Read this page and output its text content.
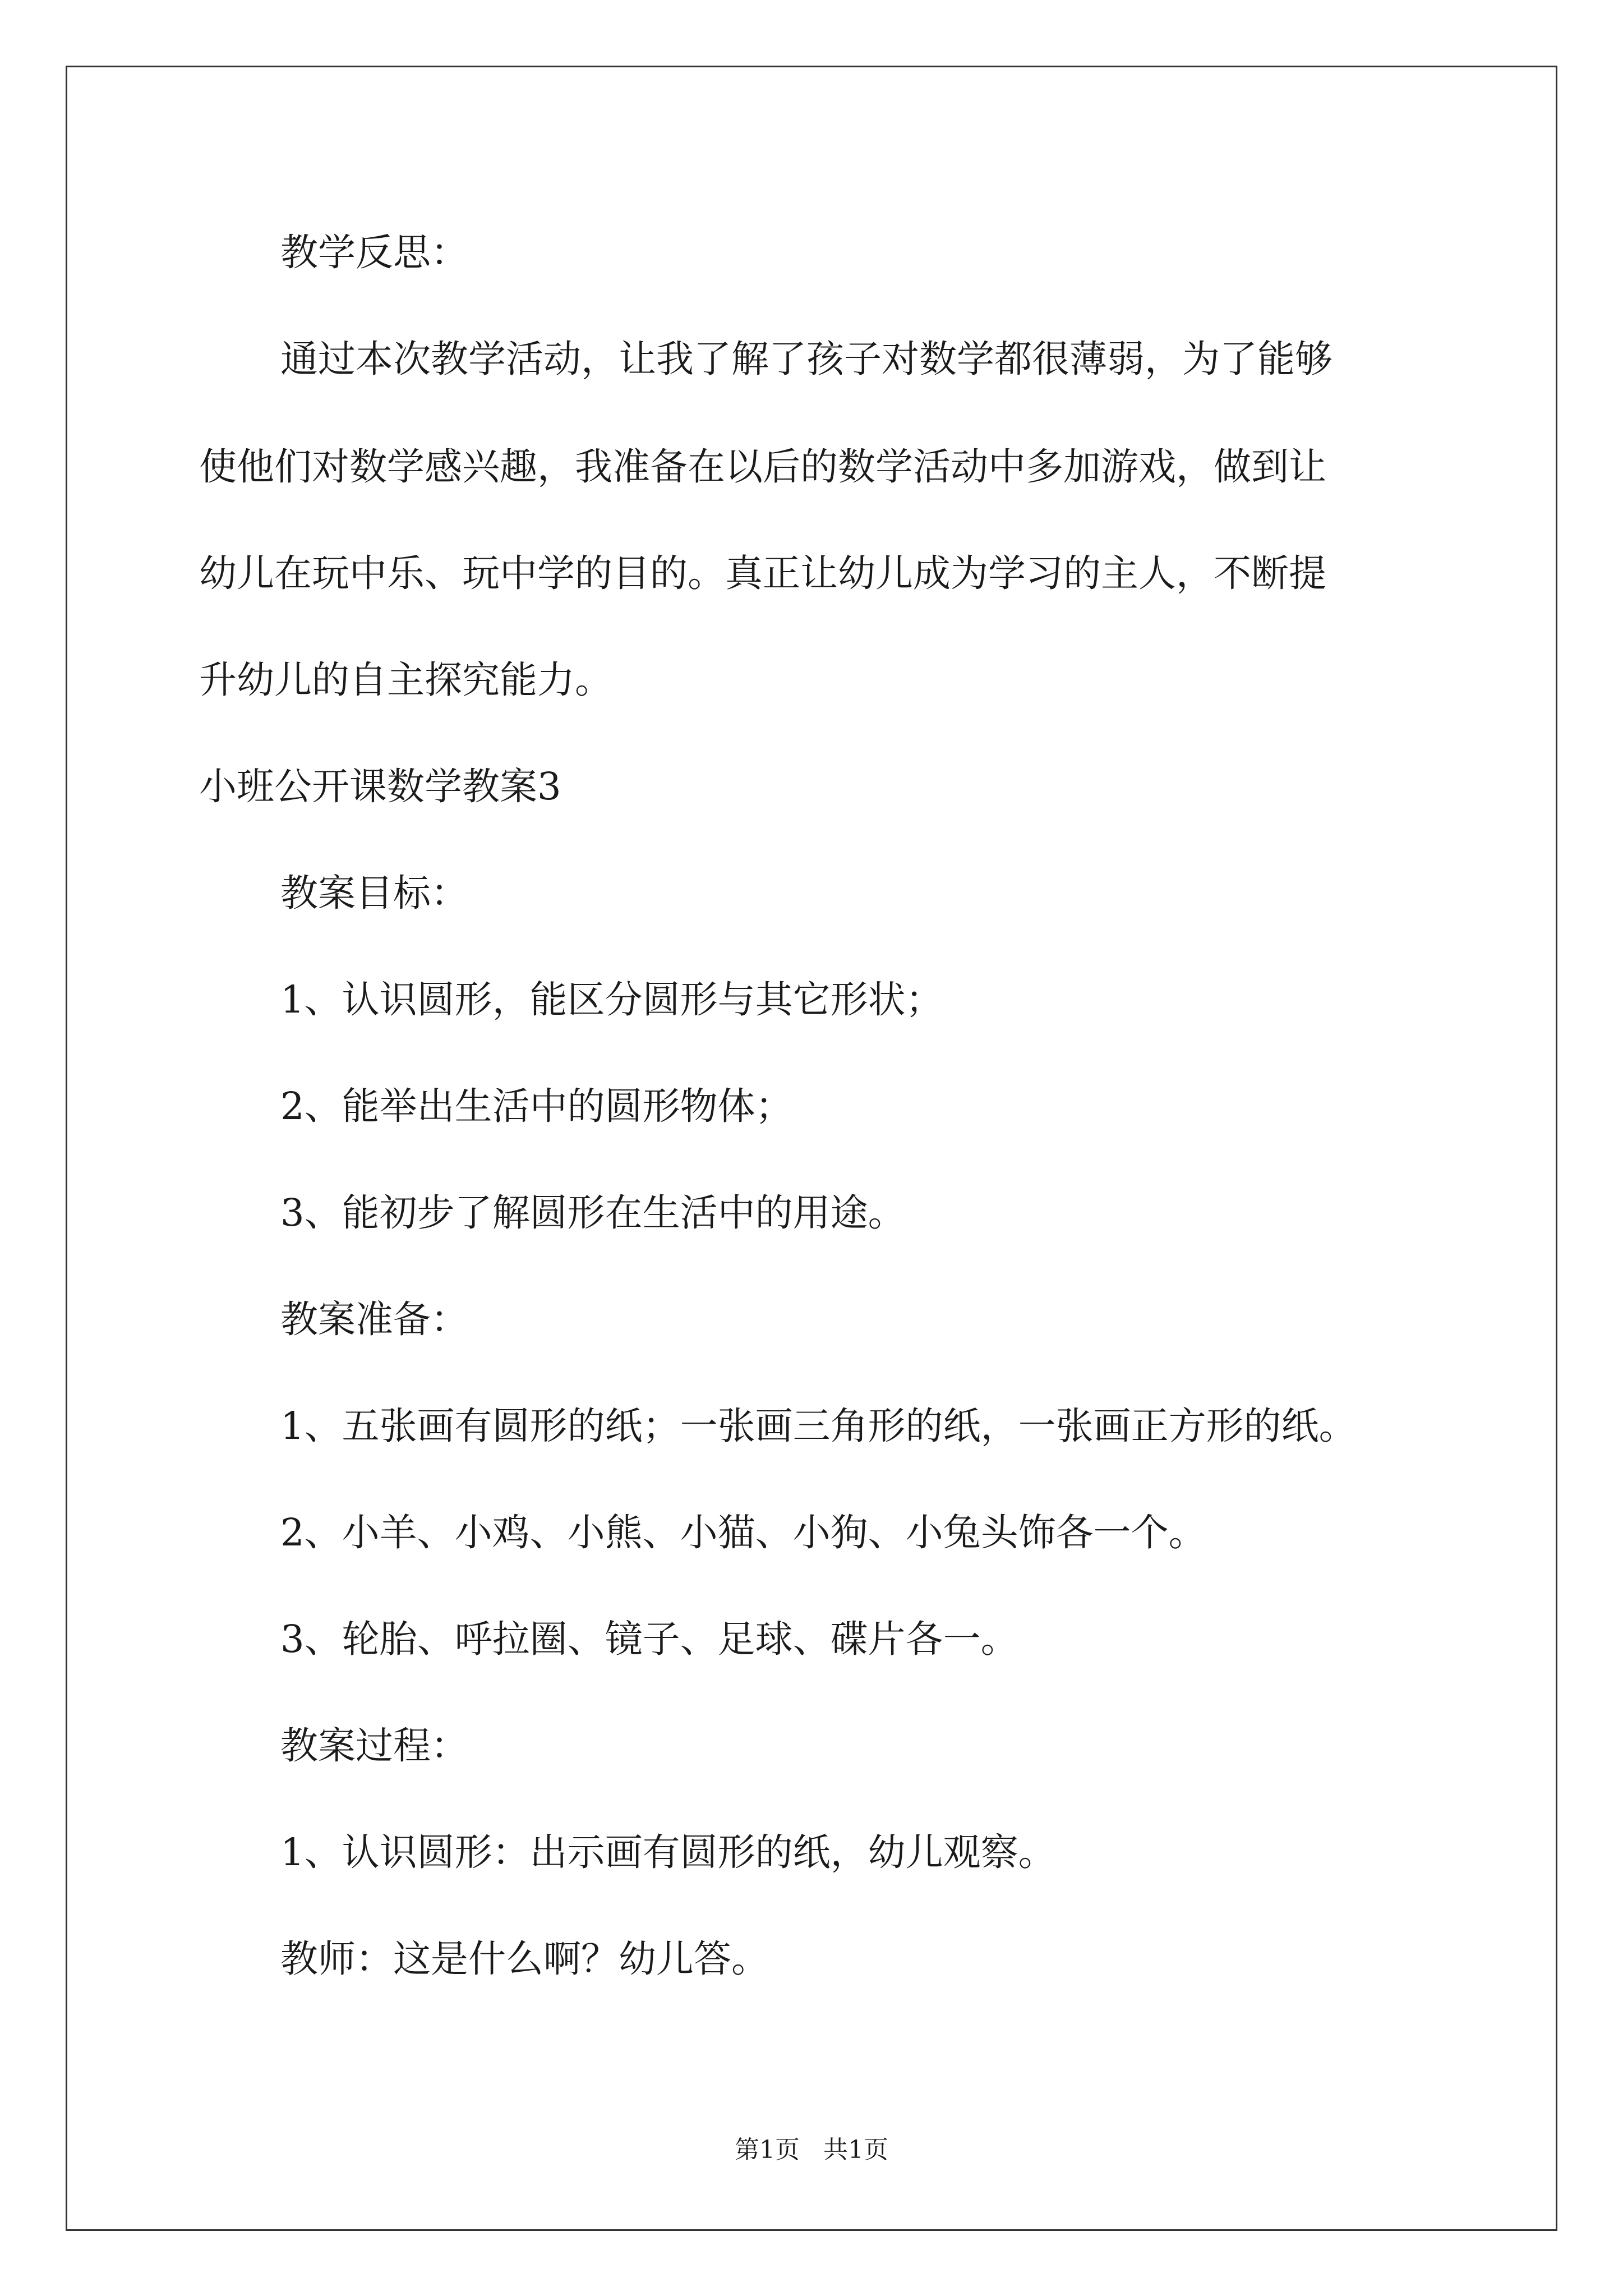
教学反思：
通过本次教学活动，让我了解了孩子对数学都很薄弱，为了能够
使他们对数学感兴趣，我准备在以后的数学活动中多加游戏，做到让
幼儿在玩中乐、玩中学的目的。真正让幼儿成为学习的主人，不断提
升幼儿的自主探究能力。
小班公开课数学教案3
教案目标：
1、认识圆形，能区分圆形与其它形状；
2、能举出生活中的圆形物体；
3、能初步了解圆形在生活中的用途。
教案准备：
1、五张画有圆形的纸；一张画三角形的纸，一张画正方形的纸。
2、小羊、小鸡、小熊、小猫、小狗、小兔头饰各一个。
3、轮胎、呼拉圈、镜子、足球、碟片各一。
教案过程：
1、认识圆形：出示画有圆形的纸，幼儿观察。
教师：这是什么啊？幼儿答。
第1页   共1页
